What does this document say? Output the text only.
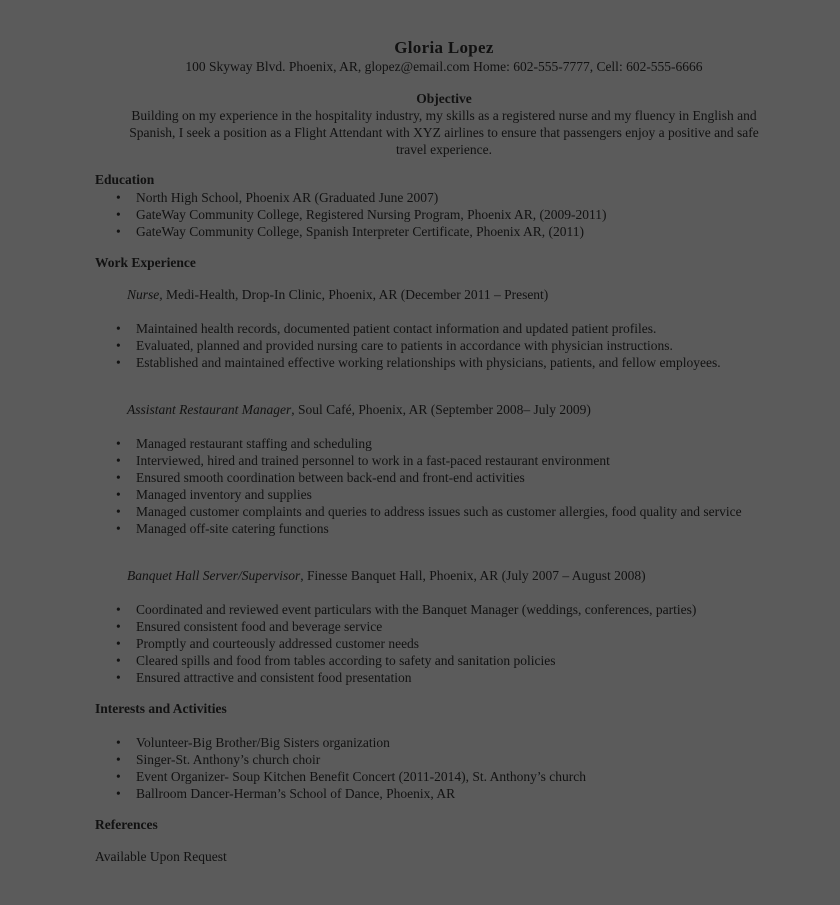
Gloria Lopez
100 Skyway Blvd. Phoenix, AR, glopez@email.com Home: 602-555-7777, Cell: 602-555-6666
Objective
Building on my experience in the hospitality industry, my skills as a registered nurse and my fluency in English and Spanish, I seek a position as a Flight Attendant with XYZ airlines to ensure that passengers enjoy a positive and safe travel experience.
Education
• North High School, Phoenix AR (Graduated June 2007)
• GateWay Community College, Registered Nursing Program, Phoenix AR, (2009-2011)
• GateWay Community College, Spanish Interpreter Certificate, Phoenix AR, (2011)
Work Experience
Nurse, Medi-Health, Drop-In Clinic, Phoenix, AR (December 2011 – Present)
• Maintained health records, documented patient contact information and updated patient profiles.
• Evaluated, planned and provided nursing care to patients in accordance with physician instructions.
• Established and maintained effective working relationships with physicians, patients, and fellow employees.
Assistant Restaurant Manager, Soul Café, Phoenix, AR (September 2008– July 2009)
• Managed restaurant staffing and scheduling
• Interviewed, hired and trained personnel to work in a fast-paced restaurant environment
• Ensured smooth coordination between back-end and front-end activities
• Managed inventory and supplies
• Managed customer complaints and queries to address issues such as customer allergies, food quality and service
• Managed off-site catering functions
Banquet Hall Server/Supervisor, Finesse Banquet Hall, Phoenix, AR (July 2007 – August 2008)
• Coordinated and reviewed event particulars with the Banquet Manager (weddings, conferences, parties)
• Ensured consistent food and beverage service
• Promptly and courteously addressed customer needs
• Cleared spills and food from tables according to safety and sanitation policies
• Ensured attractive and consistent food presentation
Interests and Activities
• Volunteer-Big Brother/Big Sisters organization
• Singer-St. Anthony’s church choir
• Event Organizer- Soup Kitchen Benefit Concert (2011-2014), St. Anthony’s church
• Ballroom Dancer-Herman’s School of Dance, Phoenix, AR
References
Available Upon Request
